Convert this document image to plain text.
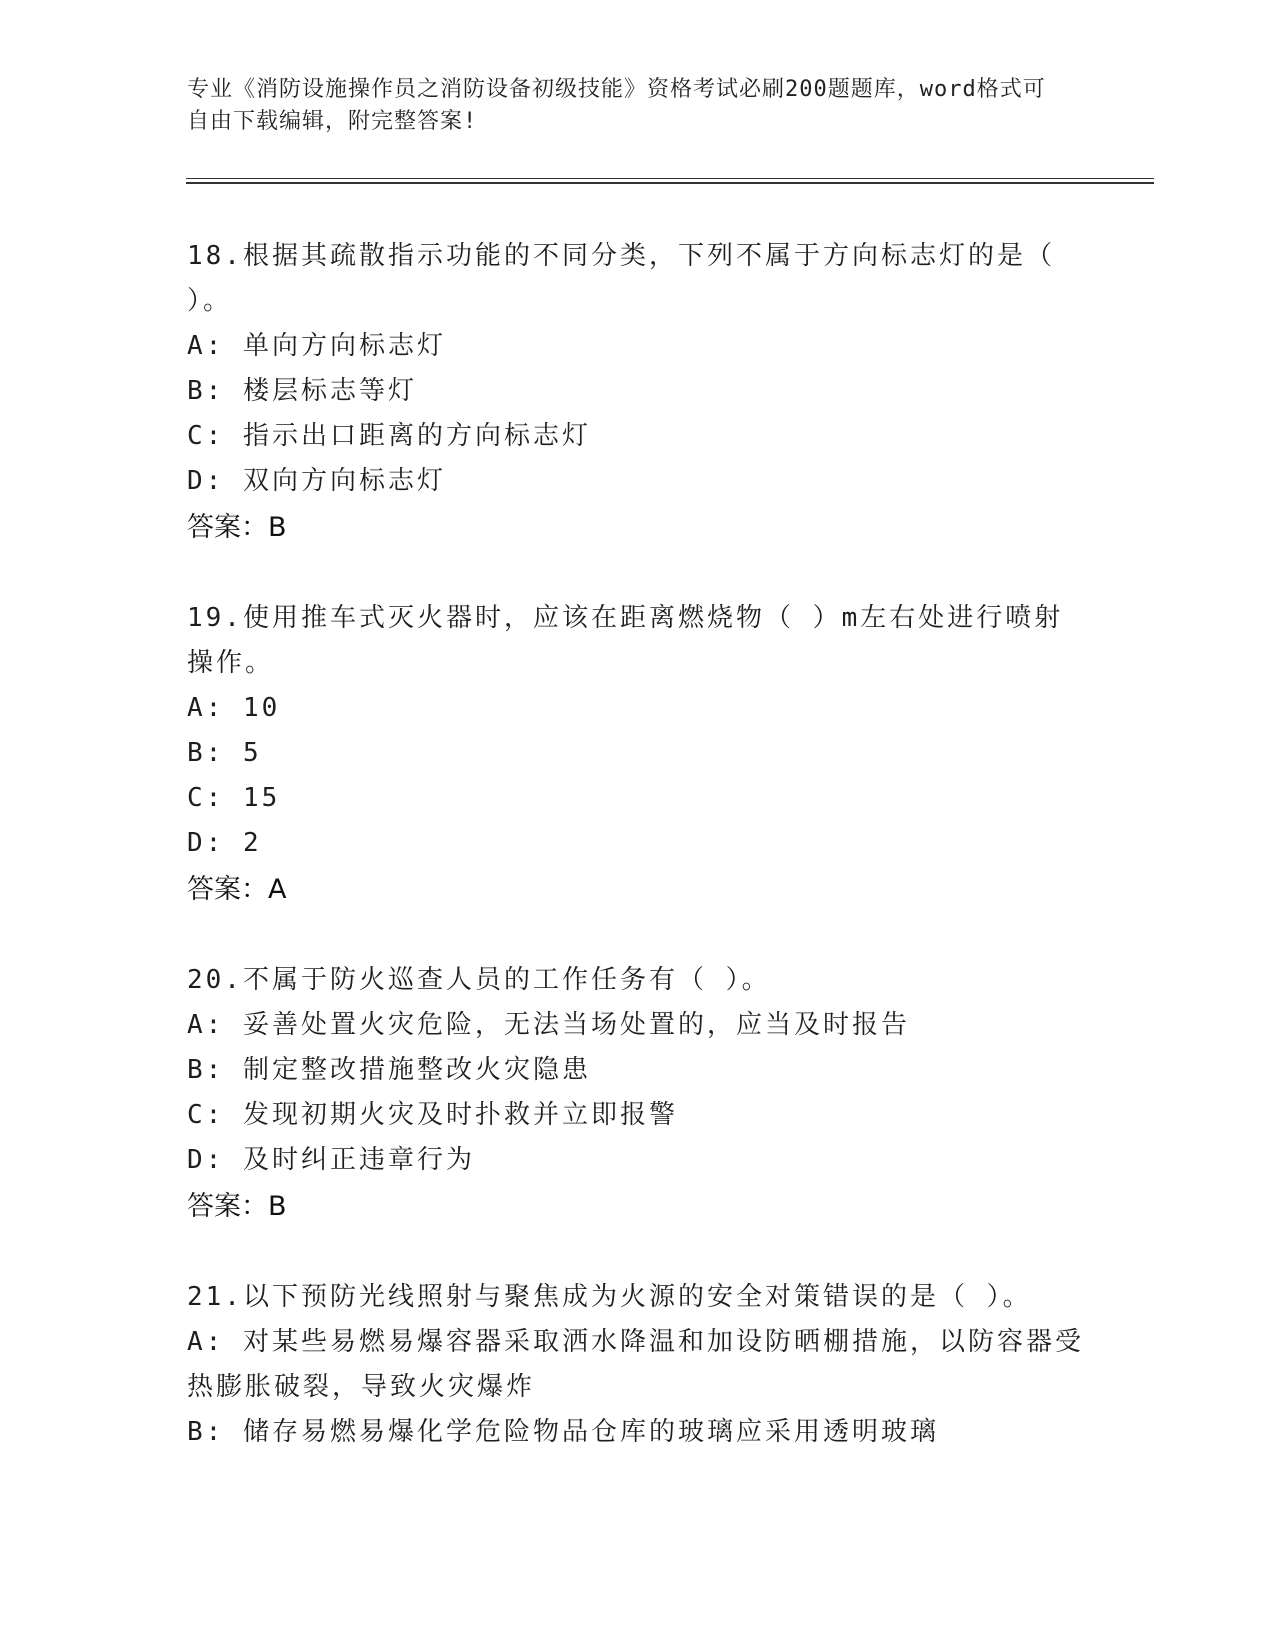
专业《消防设施操作员之消防设备初级技能》资格考试必刷200题题库，word格式可自由下载编辑，附完整答案!

18.根据其疏散指示功能的不同分类，下列不属于方向标志灯的是（ ）。

A: 单向方向标志灯

B: 楼层标志等灯

C: 指示出口距离的方向标志灯

D: 双向方向标志灯

答案：B

19.使用推车式灭火器时，应该在距离燃烧物（ ）m左右处进行喷射操作。

A: 10

B: 5

C: 15

D: 2

答案：A

20.不属于防火巡查人员的工作任务有（ ）。

A: 妥善处置火灾危险，无法当场处置的，应当及时报告

B: 制定整改措施整改火灾隐患

C: 发现初期火灾及时扑救并立即报警

D: 及时纠正违章行为

答案：B

21.以下预防光线照射与聚焦成为火源的安全对策错误的是（ ）。

A: 对某些易燃易爆容器采取洒水降温和加设防晒棚措施，以防容器受热膨胀破裂，导致火灾爆炸

B: 储存易燃易爆化学危险物品仓库的玻璃应采用透明玻璃
